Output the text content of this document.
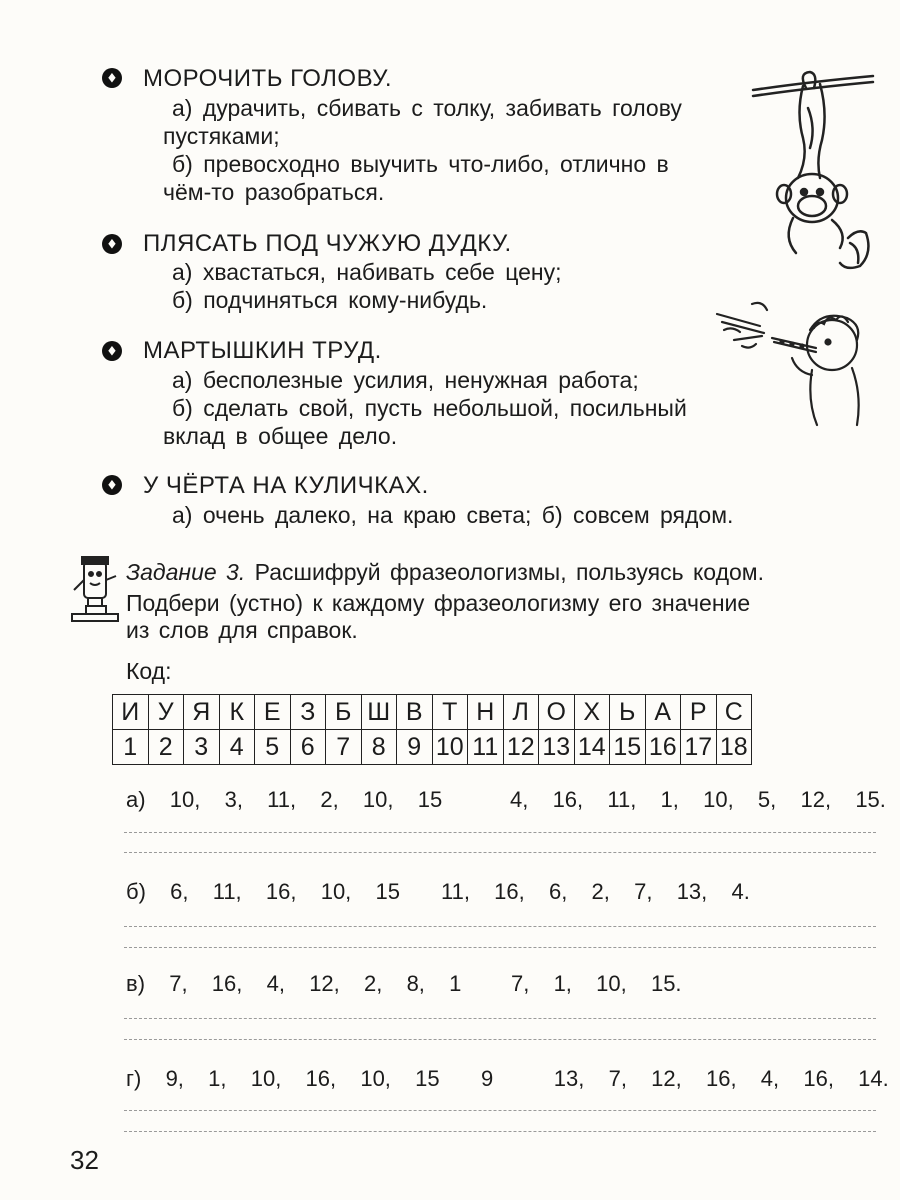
♦
♦
♦
♦
МОРОЧИТЬ ГОЛОВУ.
а) дурачить, сбивать с толку, забивать голову
пустяками;
б) превосходно выучить что-либо, отлично в
чём-то разобраться.
ПЛЯСАТЬ ПОД ЧУЖУЮ ДУДКУ.
а) хвастаться, набивать себе цену;
б) подчиняться кому-нибудь.
МАРТЫШКИН ТРУД.
а) бесполезные усилия, ненужная работа;
б) сделать свой, пусть небольшой, посильный
вклад в общее дело.
У ЧЁРТА НА КУЛИЧКАХ.
а) очень далеко, на краю света; б) совсем рядом.
Задание 3. Расшифруй фразеологизмы, пользуясь кодом.
Подбери (устно) к каждому фразеологизму его значение
из слов для справок.
Код:
И	У	Я	К	Е	З	Б	Ш	В	Т	Н	Л	О	Х	Ь	А	Р	С
1	2	3	4	5	6	7	8	9	10	11	12	13	14	15	16	17	18
а)  10,  3,  11,  2,  10,  15	4,  16,  11,  1,  10,  5,  12,  15.
б)  6,  11,  16,  10,  15 11,  16,  6,  2,  7,  13,  4.
в)  7,  16,  4,  12,  2,  8,  1 7,  1,  10,  15.
г)  9,  1,  10,  16,  10,  15 9     13,  7,  12,  16,  4,  16,  14.
32
